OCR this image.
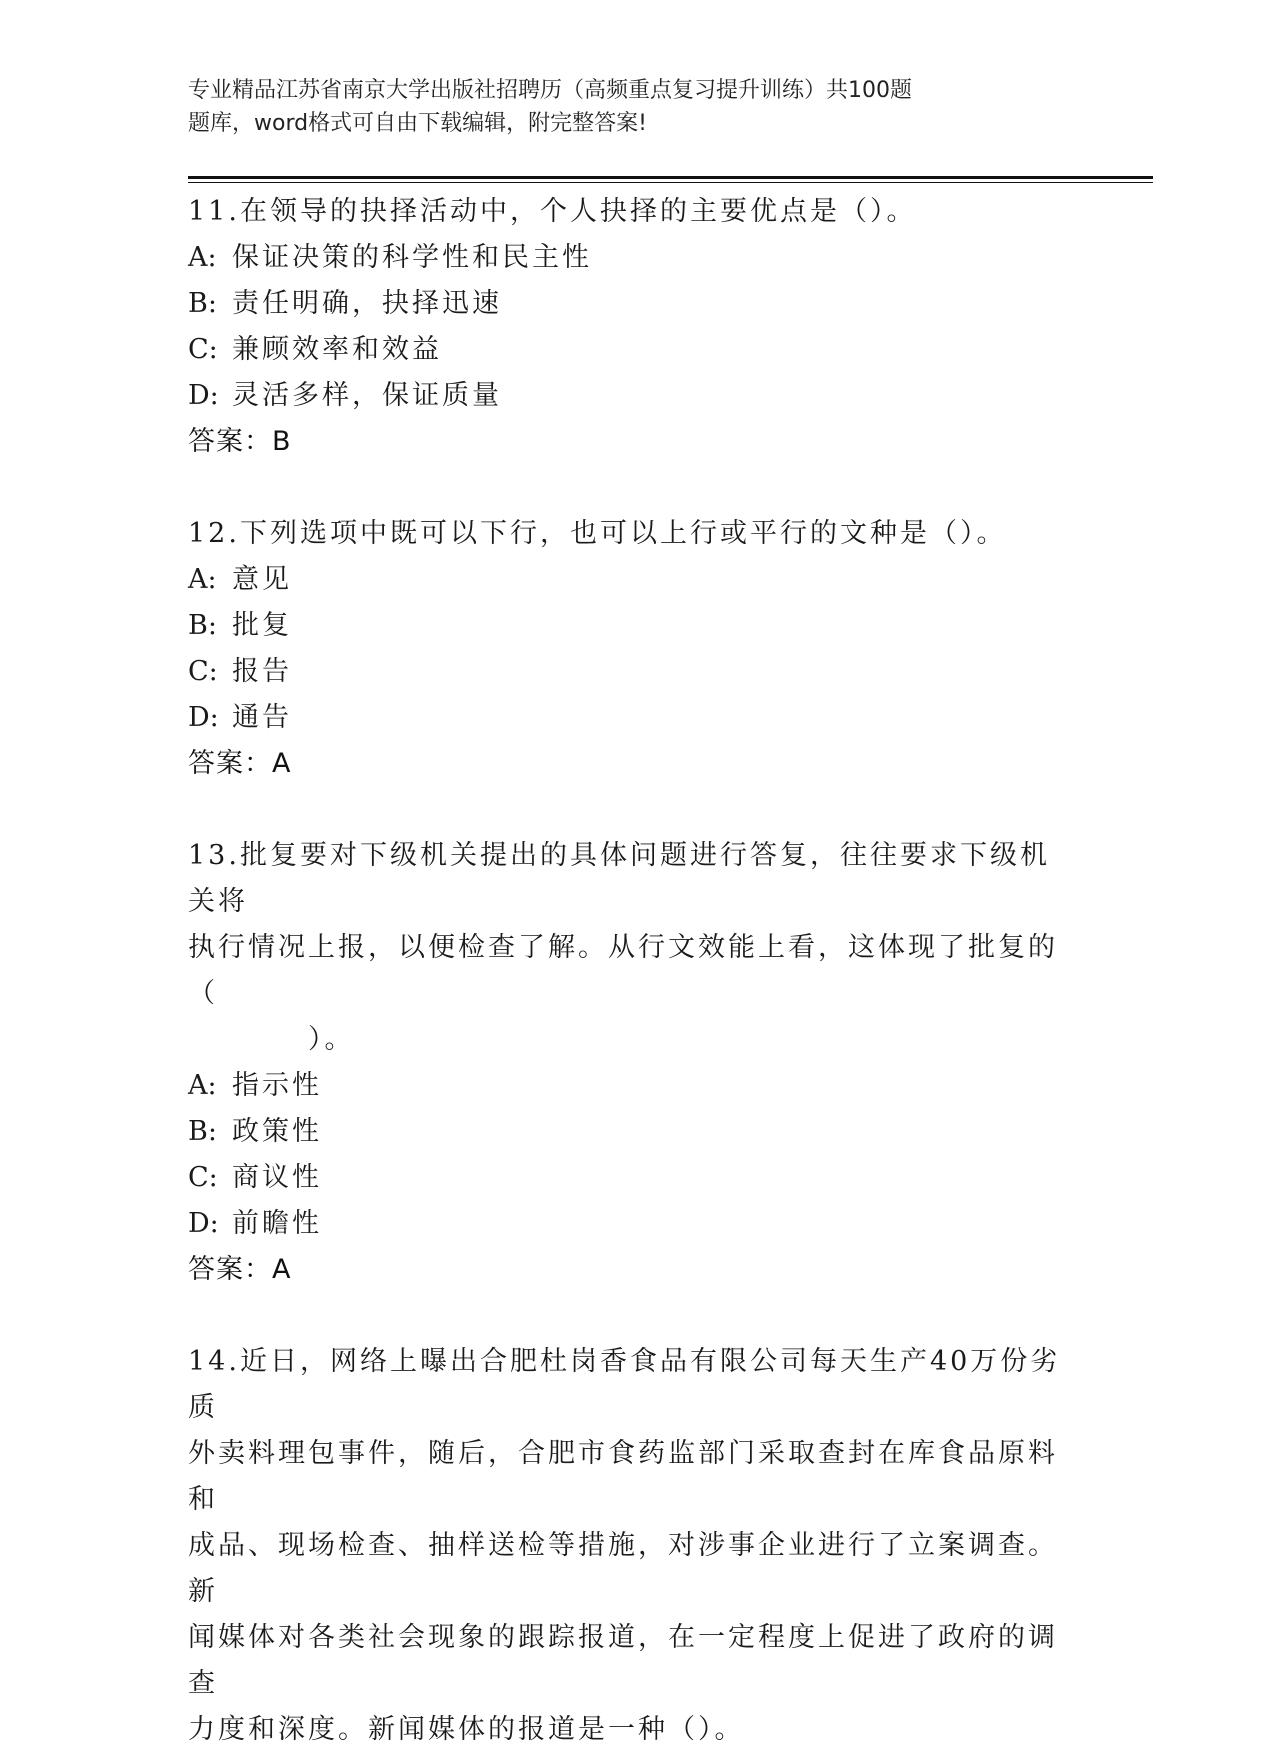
专业精品江苏省南京大学出版社招聘历（高频重点复习提升训练）共100题
题库，word格式可自由下载编辑，附完整答案!
11.在领导的抉择活动中，个人抉择的主要优点是（）。
A: 保证决策的科学性和民主性
B: 责任明确，抉择迅速
C: 兼顾效率和效益
D: 灵活多样，保证质量
答案：B
12.下列选项中既可以下行，也可以上行或平行的文种是（）。
A: 意见
B: 批复
C: 报告
D: 通告
答案：A
13.批复要对下级机关提出的具体问题进行答复，往往要求下级机关将
执行情况上报，以便检查了解。从行文效能上看，这体现了批复的（
　　　　）。
A: 指示性
B: 政策性
C: 商议性
D: 前瞻性
答案：A
14.近日，网络上曝出合肥杜岗香食品有限公司每天生产40万份劣质
外卖料理包事件，随后，合肥市食药监部门采取查封在库食品原料和
成品、现场检查、抽样送检等措施，对涉事企业进行了立案调查。新
闻媒体对各类社会现象的跟踪报道，在一定程度上促进了政府的调查
力度和深度。新闻媒体的报道是一种（）。
